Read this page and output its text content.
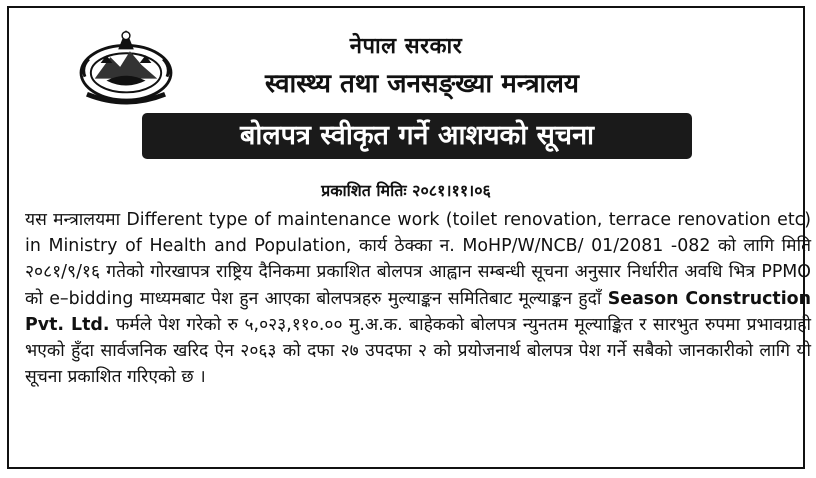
नेपाल सरकार
स्वास्थ्य तथा जनसङ्ख्या मन्त्रालय
बोलपत्र स्वीकृत गर्ने आशयको सूचना
प्रकाशित मितिः २०८१।११।०६
यस मन्त्रालयमा Different type of maintenance work (toilet renovation, terrace renovation etc) in Ministry of Health and Population, कार्य ठेक्का न. MoHP/W/NCB/ 01/2081 -082 को लागि मिति २०८१/९/१६ गतेको गोरखापत्र राष्ट्रिय दैनिकमा प्रकाशित बोलपत्र आह्वान सम्बन्धी सूचना अनुसार निर्धारीत अवधि भित्र PPMO को e–bidding माध्यमबाट पेश हुन आएका बोलपत्रहरु मुल्याङ्कन समितिबाट मूल्याङ्कन हुदाँ Season Construction Pvt. Ltd. फर्मले पेश गरेको रु ५,०२३,११०.०० मु.अ.क. बाहेकको बोलपत्र न्युनतम मूल्याङ्कित र सारभुत रुपमा प्रभावग्राही भएको हुँदा सार्वजनिक खरिद ऐन २०६३ को दफा २७ उपदफा २ को प्रयोजनार्थ बोलपत्र पेश गर्ने सबैको जानकारीको लागि यो सूचना प्रकाशित गरिएको छ ।
